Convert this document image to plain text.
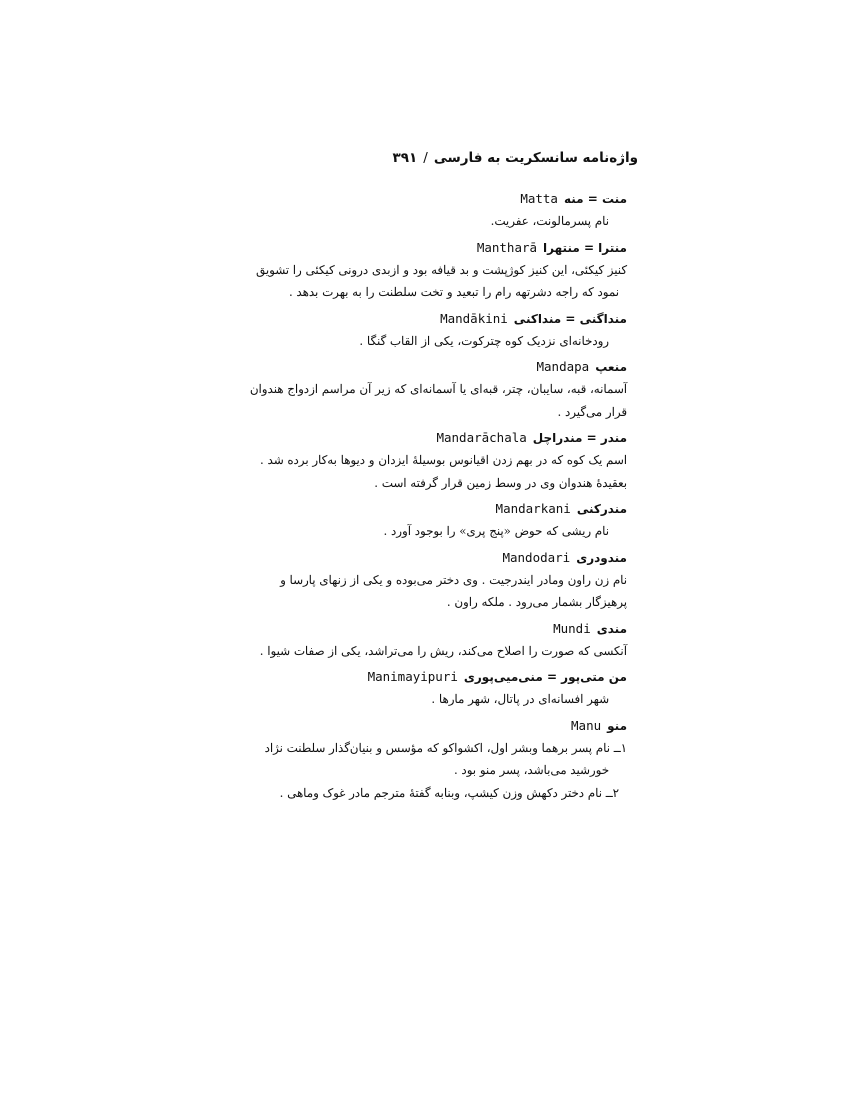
واژه‌نامه سانسکریت به فارسی/۳۹۱
منت = منهMatta
نام پسرمالونت، عفریت.
منترا = منتهراMantharā
کنیز کیکئی، این کنیز کوژپشت و بد قیافه بود و ازبدی درونی کیکئی را تشویق
نمود که راجه دشرتهه رام را تبعید و تخت سلطنت را به بهرت بدهد .
منداگنی = منداکنیMandākini
رودخانه‌ای نزدیک کوه چترکوت، یکی از القاب گنگا .
منعپMandapa
آسمانه، قبه، سایبان، چتر، قبه‌ای یا آسمانه‌ای که زیر آن مراسم ازدواج هندوان
قرار می‌گیرد .
مندر = مندراچلMandarāchala
اسم یک کوه که در بهم زدن اقیانوس بوسیلهٔ ایزدان و دیوها به‌کار برده شد .
بعقیدهٔ هندوان وی در وسط زمین قرار گرفته است .
مندرکنیMandarkani
نام ریشی که حوض «پنج پری» را بوجود آورد .
مندودریMandodari
نام زن راون ومادر ایندرجیت . وی دختر می‌بوده و یکی از زنهای پارسا و
پرهیزگار بشمار می‌رود . ملکه راون .
مندیMundi
آنکسی که صورت را اصلاح می‌کند، ریش را می‌تراشد، یکی از صفات شیوا .
من متی‌پور = منی‌میی‌پوریManimayipuri
شهر افسانه‌ای در پاتال، شهر مارها .
منوManu
۱ــ نام پسر برهما وبشر اول، اکشواکو که مؤسس و بنیان‌گذار سلطنت نژاد
خورشید می‌باشد، پسر منو بود .
۲ــ نام دختر دکهش وزن کیشپ، وبنابه گفتهٔ مترجم مادر غوک وماهی .
